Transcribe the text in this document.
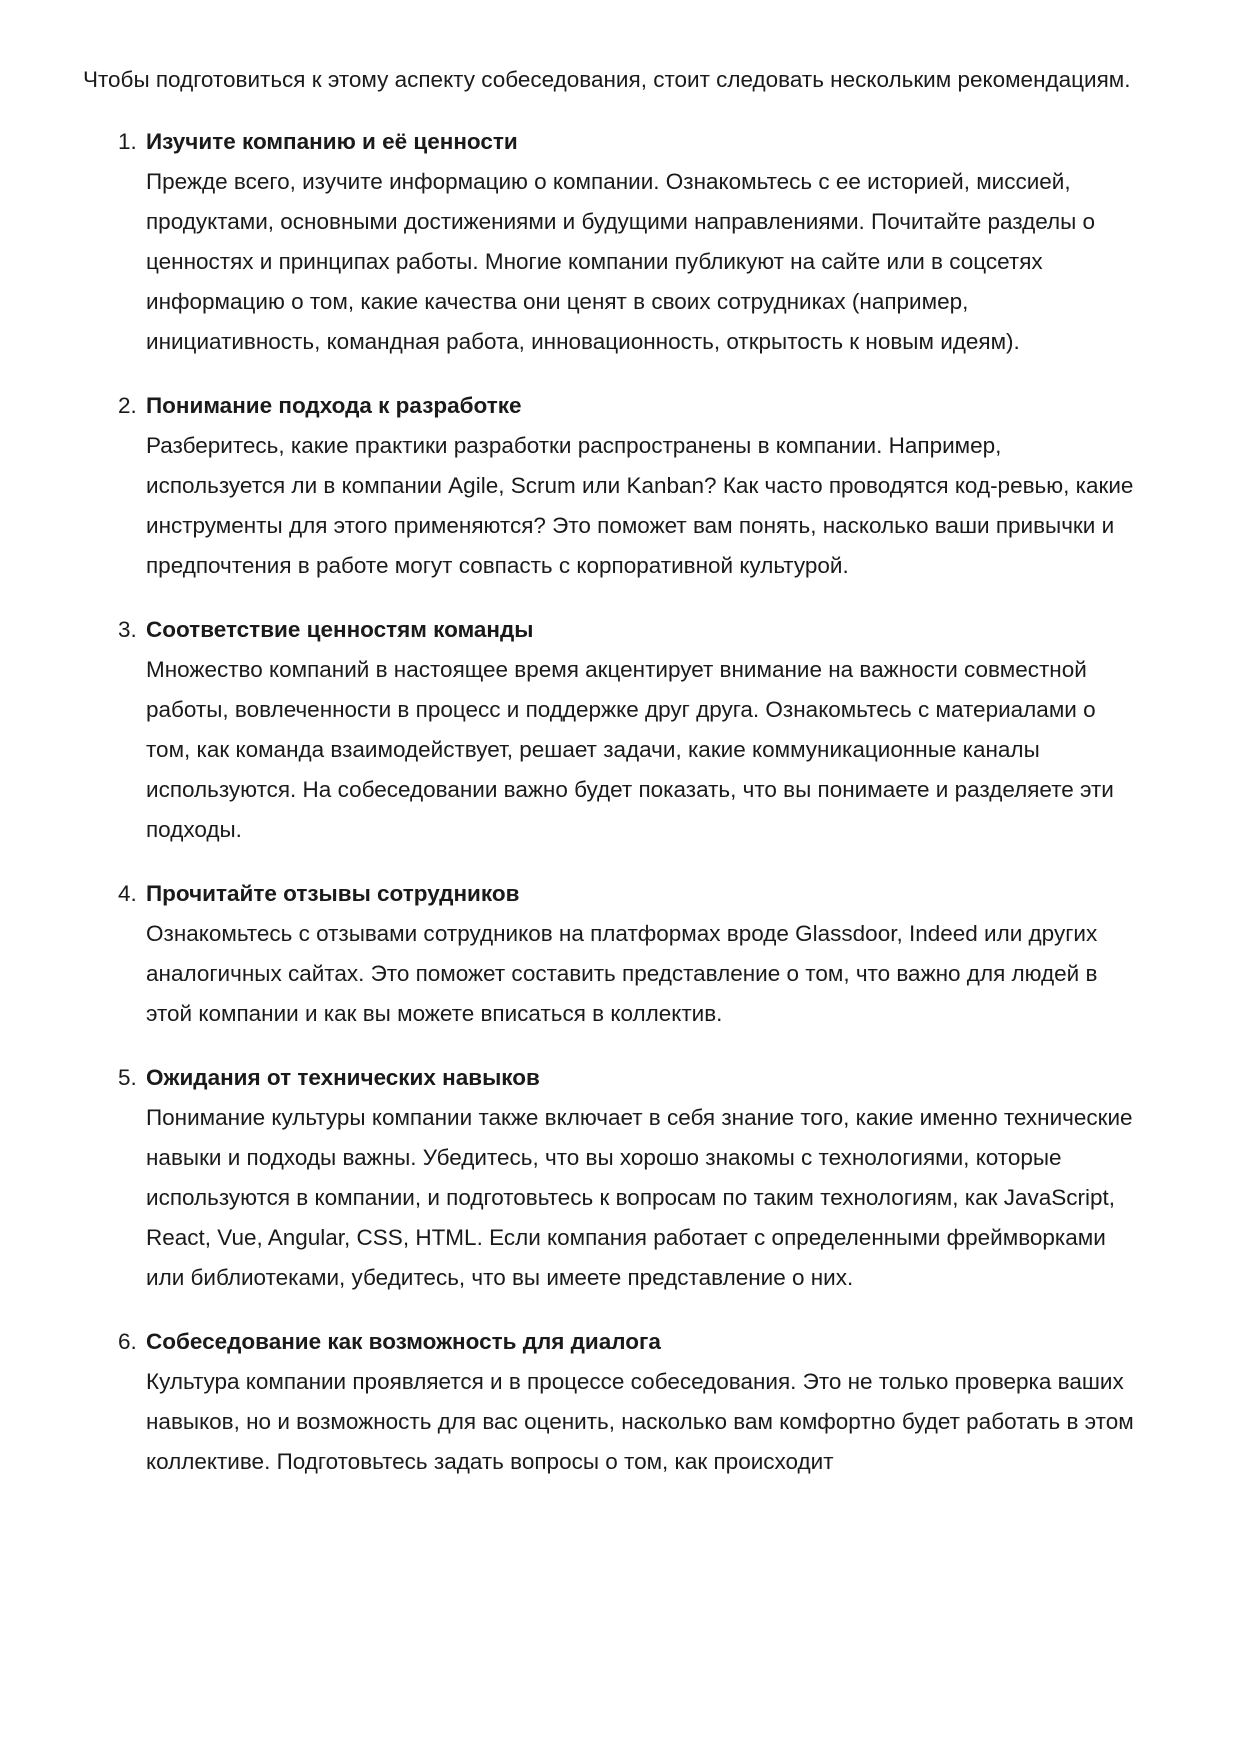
Чтобы подготовиться к этому аспекту собеседования, стоит следовать нескольким рекомендациям.

1. Изучите компанию и её ценности
Прежде всего, изучите информацию о компании. Ознакомьтесь с ее историей, миссией, продуктами, основными достижениями и будущими направлениями. Почитайте разделы о ценностях и принципах работы. Многие компании публикуют на сайте или в соцсетях информацию о том, какие качества они ценят в своих сотрудниках (например, инициативность, командная работа, инновационность, открытость к новым идеям).
2. Понимание подхода к разработке
Разберитесь, какие практики разработки распространены в компании. Например, используется ли в компании Agile, Scrum или Kanban? Как часто проводятся код-ревью, какие инструменты для этого применяются? Это поможет вам понять, насколько ваши привычки и предпочтения в работе могут совпасть с корпоративной культурой.
3. Соответствие ценностям команды
Множество компаний в настоящее время акцентирует внимание на важности совместной работы, вовлеченности в процесс и поддержке друг друга. Ознакомьтесь с материалами о том, как команда взаимодействует, решает задачи, какие коммуникационные каналы используются. На собеседовании важно будет показать, что вы понимаете и разделяете эти подходы.
4. Прочитайте отзывы сотрудников
Ознакомьтесь с отзывами сотрудников на платформах вроде Glassdoor, Indeed или других аналогичных сайтах. Это поможет составить представление о том, что важно для людей в этой компании и как вы можете вписаться в коллектив.
5. Ожидания от технических навыков
Понимание культуры компании также включает в себя знание того, какие именно технические навыки и подходы важны. Убедитесь, что вы хорошо знакомы с технологиями, которые используются в компании, и подготовьтесь к вопросам по таким технологиям, как JavaScript, React, Vue, Angular, CSS, HTML. Если компания работает с определенными фреймворками или библиотеками, убедитесь, что вы имеете представление о них.
6. Собеседование как возможность для диалога
Культура компании проявляется и в процессе собеседования. Это не только проверка ваших навыков, но и возможность для вас оценить, насколько вам комфортно будет работать в этом коллективе. Подготовьтесь задать вопросы о том, как происходит
